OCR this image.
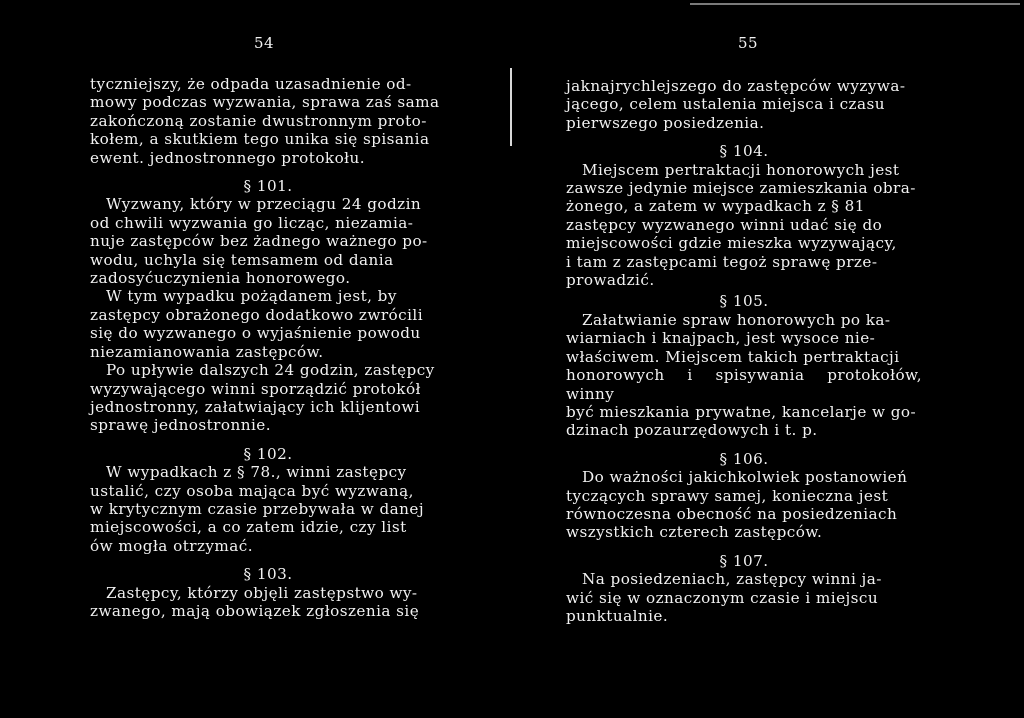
54

tyczniejszy, że odpada uzasadnienie od-
mowy podczas wyzwania, sprawa zaś sama
zakończoną zostanie dwustronnym proto-
kołem, a skutkiem tego unika się spisania
ewent. jednostronnego protokołu.

§ 101.

Wyzwany, który w przeciągu 24 godzin
od chwili wyzwania go licząc, niezamia-
nuje zastępców bez żadnego ważnego po-
wodu, uchyla się temsamem od dania
zadosyćuczynienia honorowego.

W tym wypadku pożądanem jest, by
zastępcy obrażonego dodatkowo zwrócili
się do wyzwanego o wyjaśnienie powodu
niezamianowania zastępców.

Po upływie dalszych 24 godzin, zastępcy
wyzywającego winni sporządzić protokół
jednostronny, załatwiający ich klijentowi
sprawę jednostronnie.

§ 102.

W wypadkach z § 78., winni zastępcy
ustalić, czy osoba mająca być wyzwaną,
w krytycznym czasie przebywała w danej
miejscowości, a co zatem idzie, czy list
ów mogła otrzymać.

§ 103.

Zastępcy, którzy objęli zastępstwo wy-
zwanego, mają obowiązek zgłoszenia się

55

jaknajrychlejszego do zastępców wyzywa-
jącego, celem ustalenia miejsca i czasu
pierwszego posiedzenia.

§ 104.

Miejscem pertraktacji honorowych jest
zawsze jedynie miejsce zamieszkania obra-
żonego, a zatem w wypadkach z § 81
zastępcy wyzwanego winni udać się do
miejscowości gdzie mieszka wyzywający,
i tam z zastępcami tegoż sprawę prze-
prowadzić.

§ 105.

Załatwianie spraw honorowych po ka-
wiarniach i knajpach, jest wysoce nie-
właściwem. Miejscem takich pertraktacji
honorowych i spisywania protokołów, winny
być mieszkania prywatne, kancelarje w go-
dzinach pozaurzędowych i t. p.

§ 106.

Do ważności jakichkolwiek postanowień
tyczących sprawy samej, konieczna jest
równoczesna obecność na posiedzeniach
wszystkich czterech zastępców.

§ 107.

Na posiedzeniach, zastępcy winni ja-
wić się w oznaczonym czasie i miejscu
punktualnie.
